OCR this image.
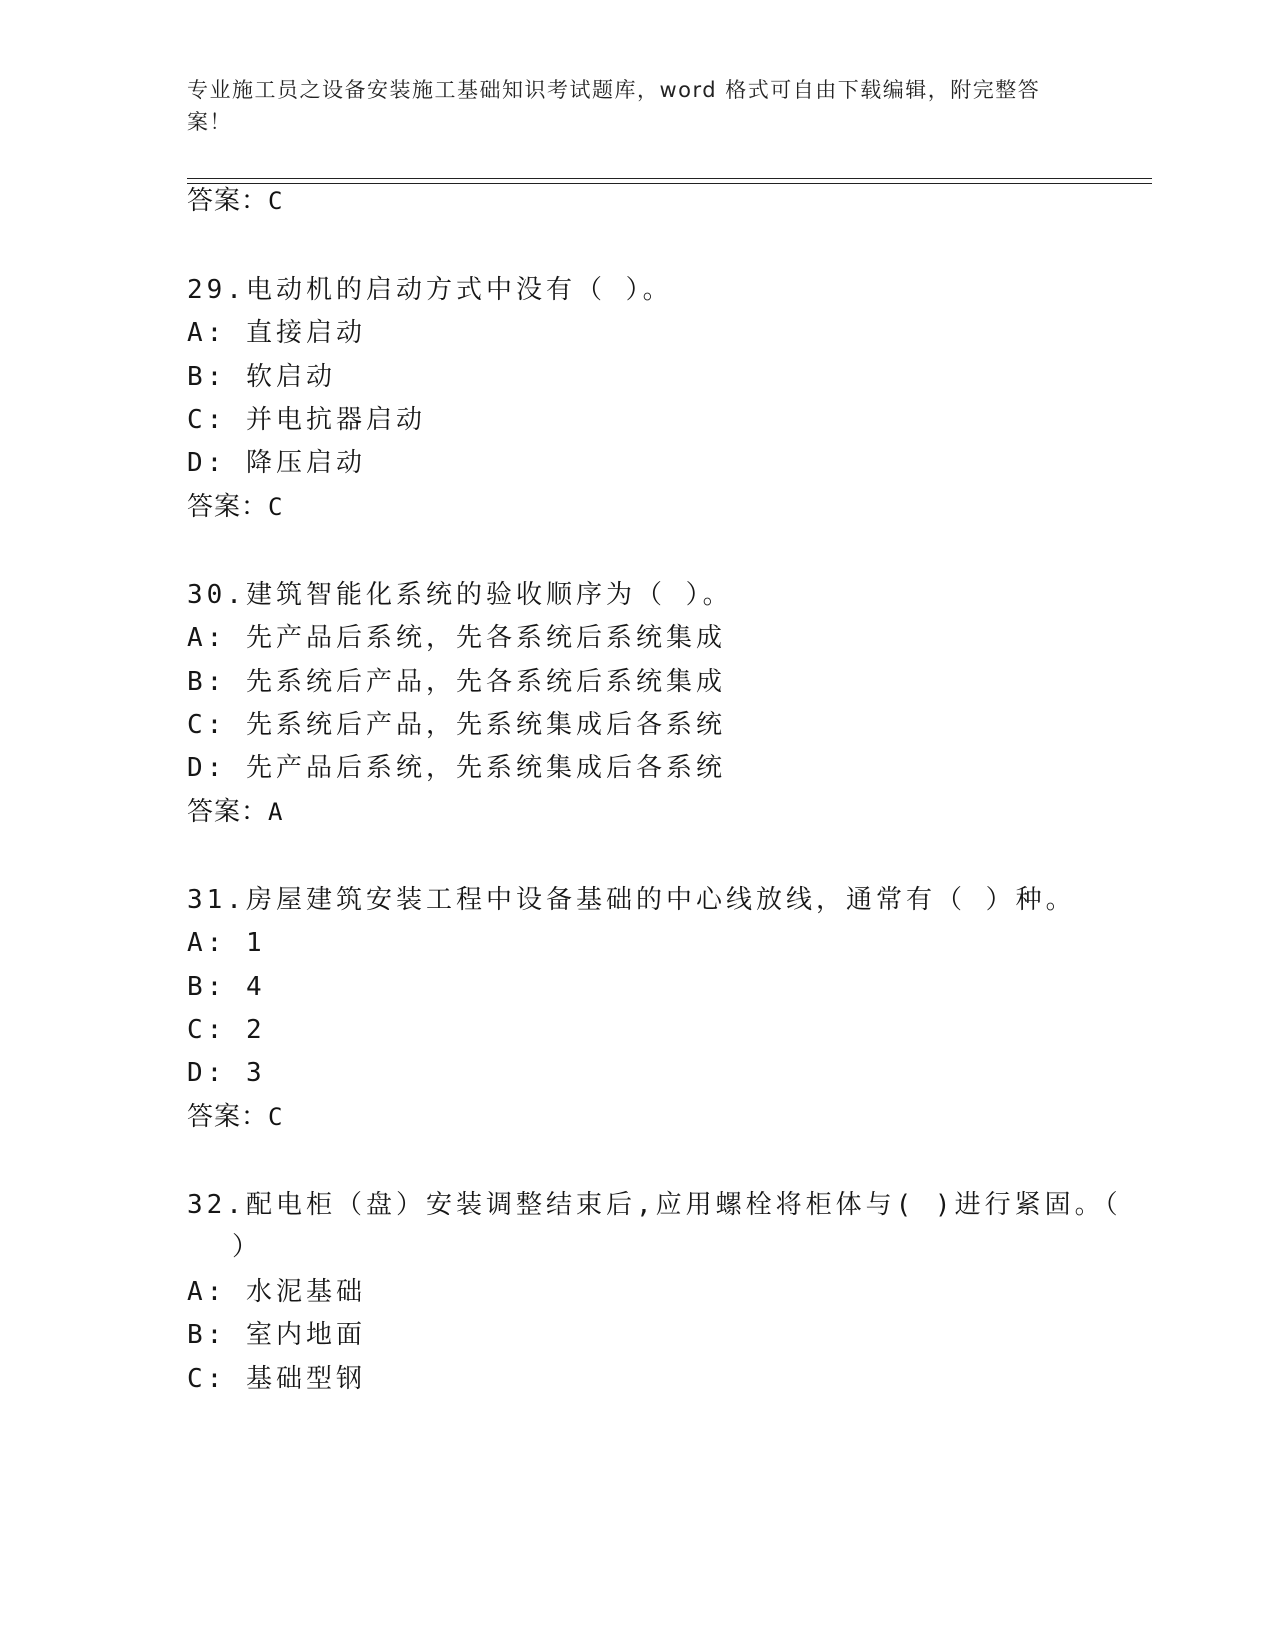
专业施工员之设备安装施工基础知识考试题库，word 格式可自由下载编辑，附完整答案！
答案：C
29.电动机的启动方式中没有（ ）。
A: 直接启动
B: 软启动
C: 并电抗器启动
D: 降压启动
答案：C
30.建筑智能化系统的验收顺序为（ ）。
A: 先产品后系统，先各系统后系统集成
B: 先系统后产品，先各系统后系统集成
C: 先系统后产品，先系统集成后各系统
D: 先产品后系统，先系统集成后各系统
答案：A
31.房屋建筑安装工程中设备基础的中心线放线，通常有（ ）种。
A: 1
B: 4
C: 2
D: 3
答案：C
32.配电柜（盘）安装调整结束后,应用螺栓将柜体与( )进行紧固。（
）
A: 水泥基础
B: 室内地面
C: 基础型钢
